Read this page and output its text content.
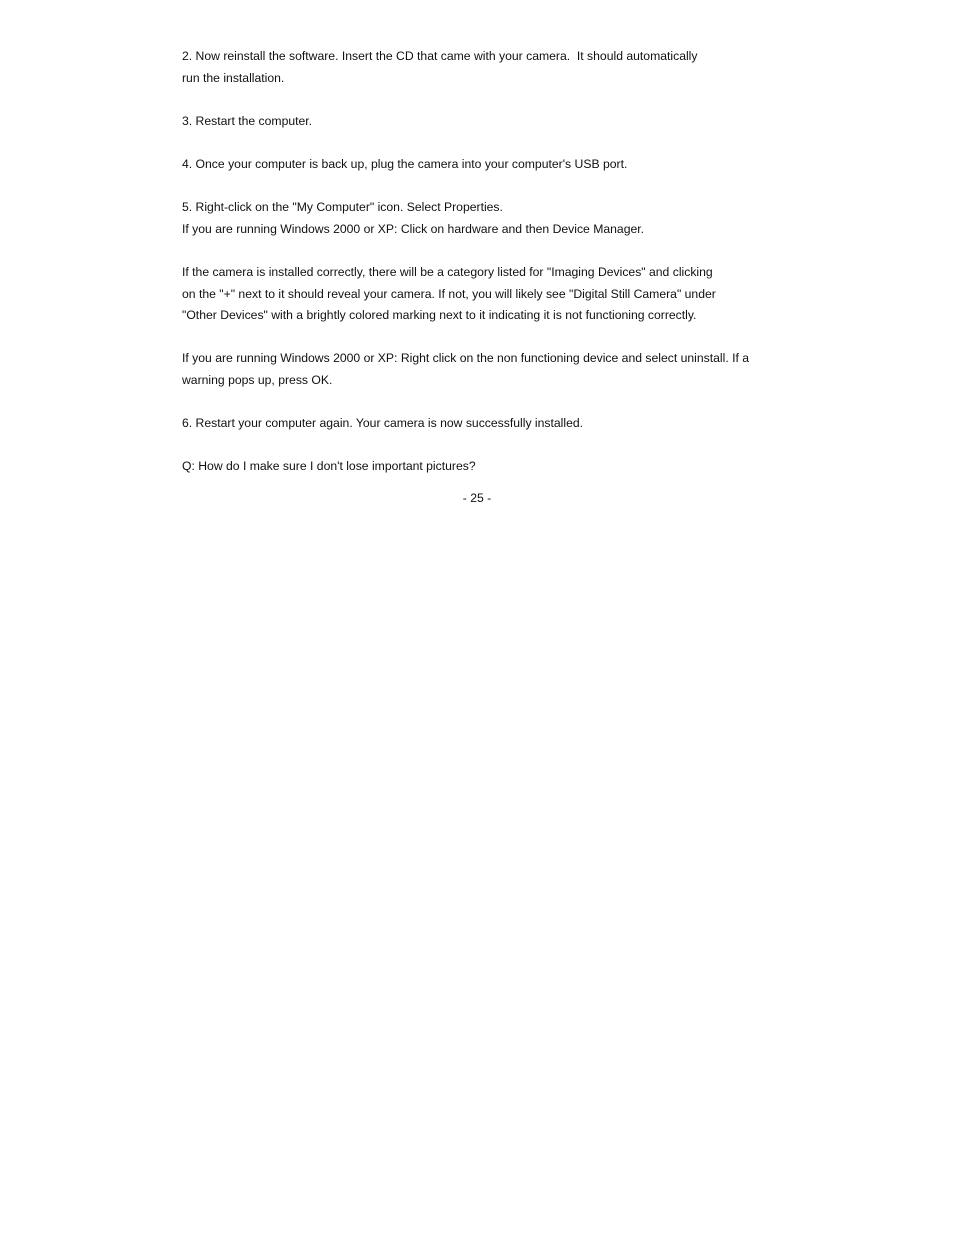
2. Now reinstall the software. Insert the CD that came with your camera.  It should automatically
run the installation.

3. Restart the computer.

4. Once your computer is back up, plug the camera into your computer's USB port.

5. Right-click on the "My Computer" icon. Select Properties.
If you are running Windows 2000 or XP: Click on hardware and then Device Manager.

If the camera is installed correctly, there will be a category listed for "Imaging Devices" and clicking
on the "+" next to it should reveal your camera. If not, you will likely see "Digital Still Camera" under
"Other Devices" with a brightly colored marking next to it indicating it is not functioning correctly.

If you are running Windows 2000 or XP: Right click on the non functioning device and select uninstall. If a
warning pops up, press OK.

6. Restart your computer again. Your camera is now successfully installed.

Q: How do I make sure I don't lose important pictures?

- 25 -
